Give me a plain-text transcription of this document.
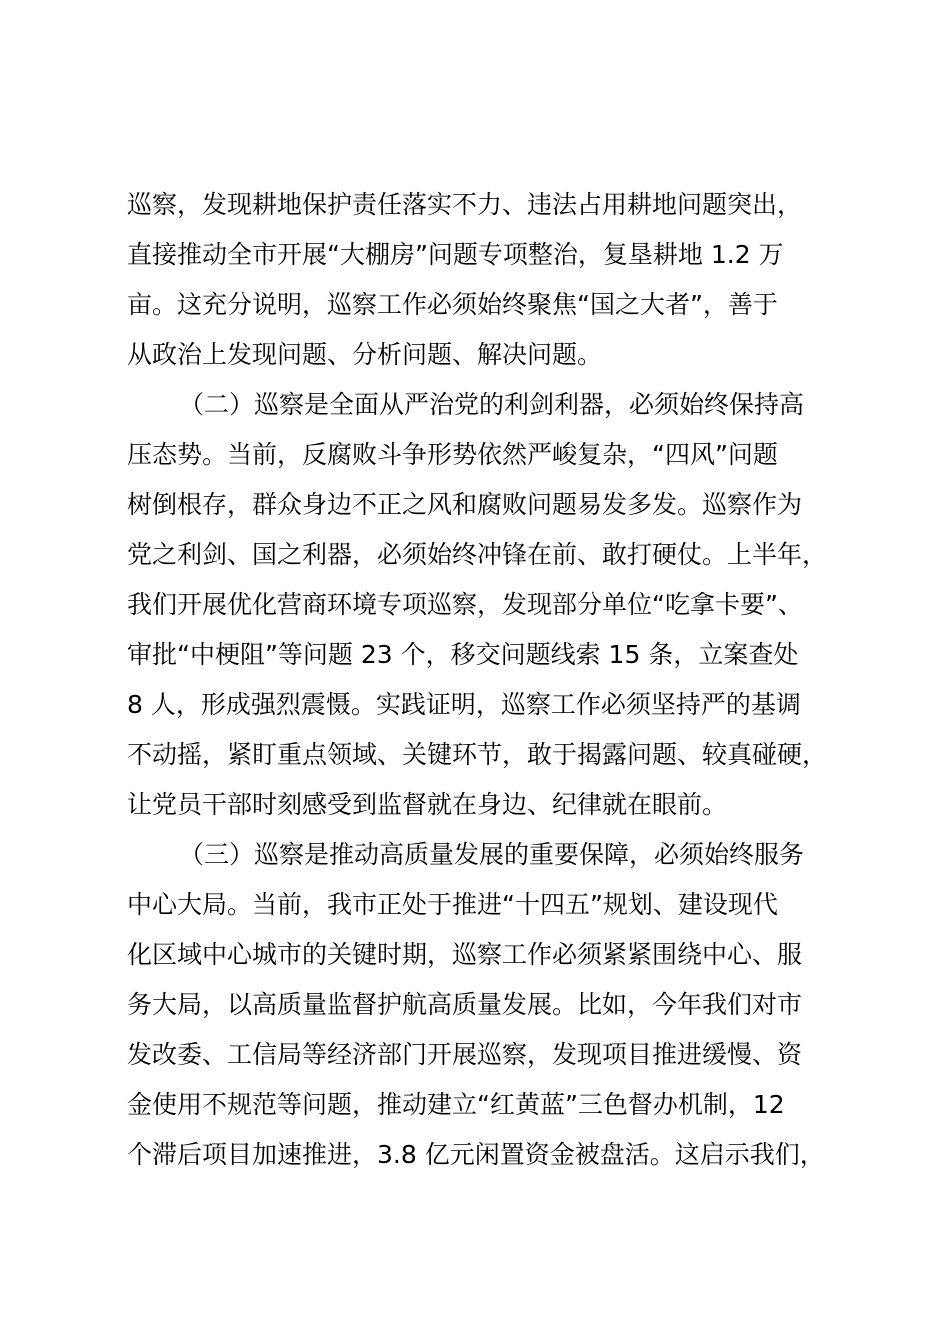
巡察，发现耕地保护责任落实不力、违法占用耕地问题突出，
直接推动全市开展“大棚房”问题专项整治，复垦耕地 1.2 万
亩。这充分说明，巡察工作必须始终聚焦“国之大者”，善于
从政治上发现问题、分析问题、解决问题。
（二）巡察是全面从严治党的利剑利器，必须始终保持高
压态势。当前，反腐败斗争形势依然严峻复杂，“四风”问题
树倒根存，群众身边不正之风和腐败问题易发多发。巡察作为
党之利剑、国之利器，必须始终冲锋在前、敢打硬仗。上半年，
我们开展优化营商环境专项巡察，发现部分单位“吃拿卡要”、
审批“中梗阻”等问题 23 个，移交问题线索 15 条，立案查处
8 人，形成强烈震慑。实践证明，巡察工作必须坚持严的基调
不动摇，紧盯重点领域、关键环节，敢于揭露问题、较真碰硬，
让党员干部时刻感受到监督就在身边、纪律就在眼前。
（三）巡察是推动高质量发展的重要保障，必须始终服务
中心大局。当前，我市正处于推进“十四五”规划、建设现代
化区域中心城市的关键时期，巡察工作必须紧紧围绕中心、服
务大局，以高质量监督护航高质量发展。比如，今年我们对市
发改委、工信局等经济部门开展巡察，发现项目推进缓慢、资
金使用不规范等问题，推动建立“红黄蓝”三色督办机制，12
个滞后项目加速推进，3.8 亿元闲置资金被盘活。这启示我们，
